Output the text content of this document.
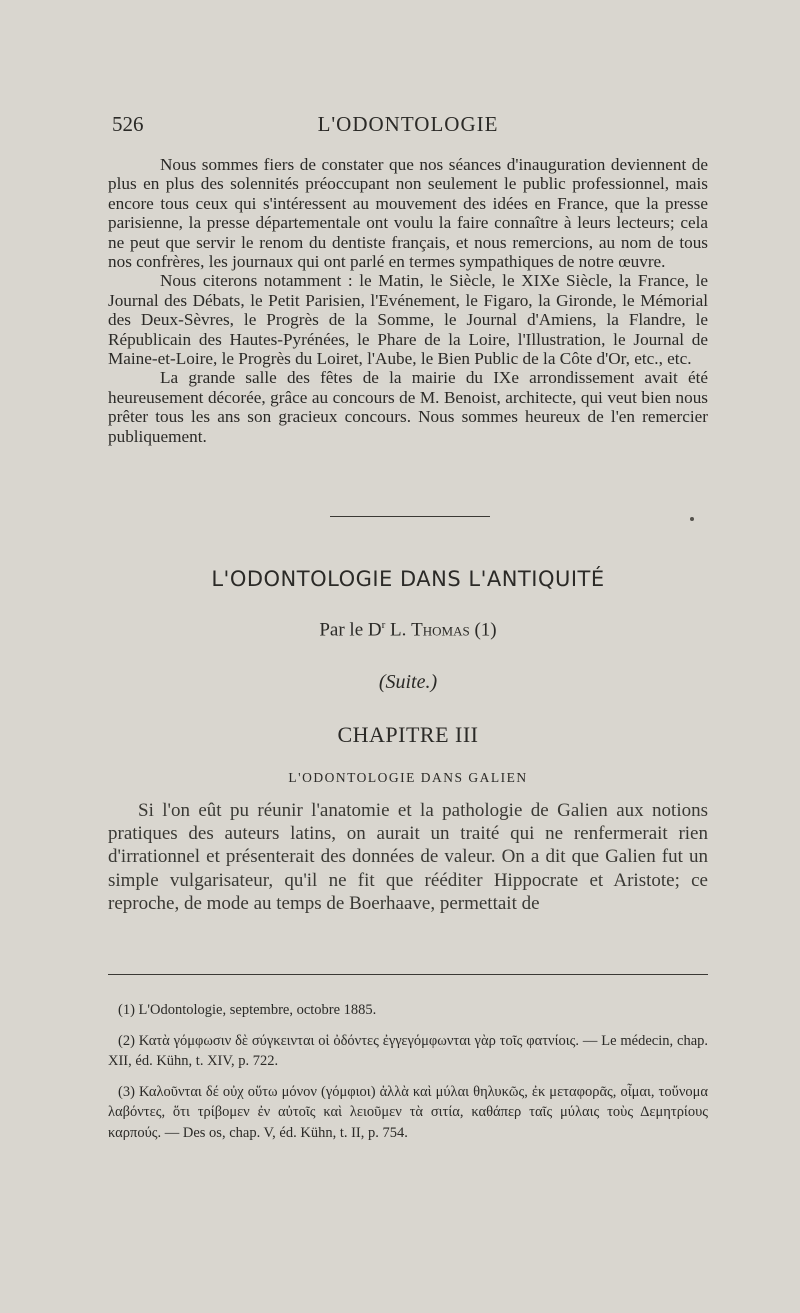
526	L'ODONTOLOGIE

Nous sommes fiers de constater que nos séances d'inauguration deviennent de plus en plus des solennités préoccupant non seulement le public professionnel, mais encore tous ceux qui s'intéressent au mouvement des idées en France, que la presse parisienne, la presse départementale ont voulu la faire connaître à leurs lecteurs; cela ne peut que servir le renom du dentiste français, et nous remercions, au nom de tous nos confrères, les journaux qui ont parlé en termes sympathiques de notre œuvre.

Nous citerons notamment : le Matin, le Siècle, le XIXe Siècle, la France, le Journal des Débats, le Petit Parisien, l'Evénement, le Figaro, la Gironde, le Mémorial des Deux-Sèvres, le Progrès de la Somme, le Journal d'Amiens, la Flandre, le Républicain des Hautes-Pyrénées, le Phare de la Loire, l'Illustration, le Journal de Maine-et-Loire, le Progrès du Loiret, l'Aube, le Bien Public de la Côte d'Or, etc., etc.

La grande salle des fêtes de la mairie du IXe arrondissement avait été heureusement décorée, grâce au concours de M. Benoist, architecte, qui veut bien nous prêter tous les ans son gracieux concours. Nous sommes heureux de l'en remercier publiquement.

L'ODONTOLOGIE DANS L'ANTIQUITÉ
Par le $D^r$ L. Thomas (1)
(Suite.)
CHAPITRE III
L'ODONTOLOGIE DANS GALIEN

Si l'on eût pu réunir l'anatomie et la pathologie de Galien aux notions pratiques des auteurs latins, on aurait un traité qui ne renfermerait rien d'irrationnel et présenterait des données de valeur. On a dit que Galien fut un simple vulgarisateur, qu'il ne fit que rééditer Hippocrate et Aristote; ce reproche, de mode au temps de Boerhaave, permettait de

(1) L'Odontologie, septembre, octobre 1885.

(2) Κατὰ γόμφωσιν δὲ σύγκεινται οἱ ὀδόντες ἐγγεγόμφωνται γὰρ τοῖς φατνίοις. — Le médecin, chap. XII, éd. Kühn, t. XIV, p. 722.

(3) Καλοῦνται δέ οὐχ οὕτω μόνον (γόμφιοι) ἀλλὰ καὶ μύλαι θηλυκῶς, ἐκ μεταφορᾶς, οἶμαι, τοὔνομα λαβόντες, ὅτι τρίβομεν ἐν αὐτοῖς καὶ λειοῦμεν τὰ σιτία, καθάπερ ταῖς μύλαις τοὺς Δεμητρίους καρπούς. — Des os, chap. V, éd. Kühn, t. II, p. 754.
